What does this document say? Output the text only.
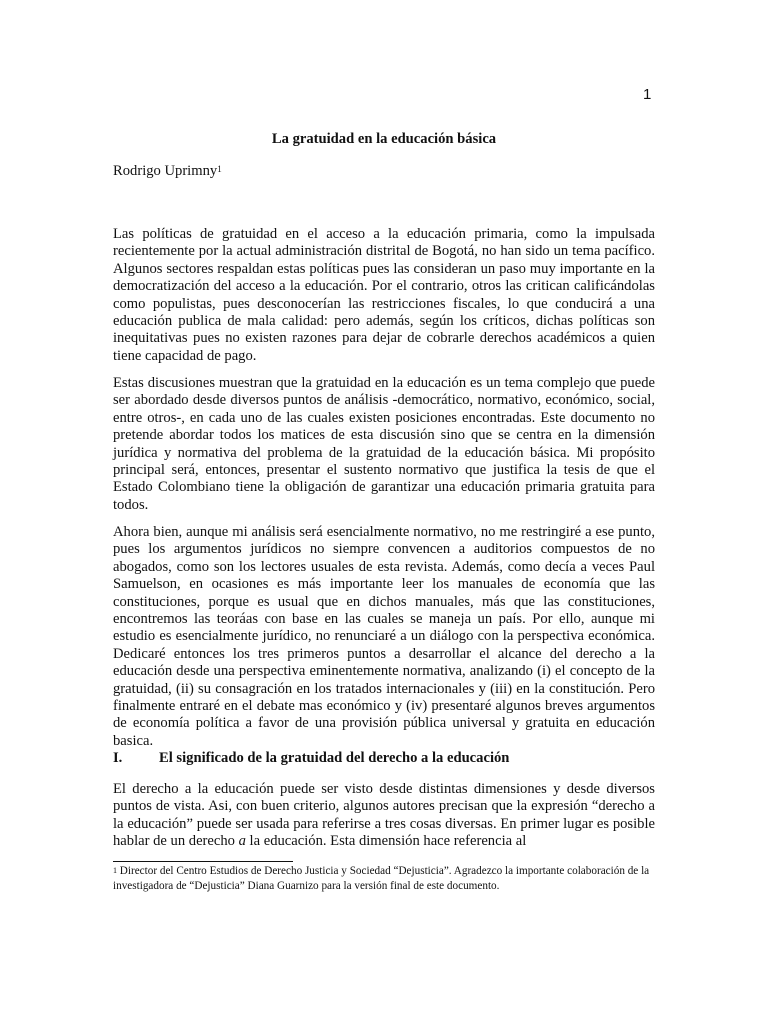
1
La gratuidad en la educación básica
Rodrigo Uprimny$^1$

Las políticas de gratuidad en el acceso a la educación primaria, como la impulsada recientemente por la actual administración distrital de Bogotá, no han sido un tema pacífico. Algunos sectores respaldan estas políticas pues las consideran un paso muy importante en la democratización del acceso a la educación. Por el contrario, otros las critican calificándolas como populistas, pues desconocerían las restricciones fiscales, lo que conducirá a una educación publica de mala calidad: pero además, según los críticos, dichas políticas son inequitativas pues no existen razones para dejar de cobrarle derechos académicos a quien tiene capacidad de pago.

Estas discusiones muestran que la gratuidad en la educación es un tema complejo que puede ser abordado desde diversos puntos de análisis -democrático, normativo, económico, social, entre otros-, en cada uno de las cuales existen posiciones encontradas. Este documento no pretende abordar todos los matices de esta discusión sino que se centra en la dimensión jurídica y normativa del problema de la gratuidad de la educación básica. Mi propósito principal será, entonces, presentar el sustento normativo que justifica la tesis de que el Estado Colombiano tiene la obligación de garantizar una educación primaria gratuita para todos.

Ahora bien, aunque mi análisis será esencialmente normativo, no me restringiré a ese punto, pues los argumentos jurídicos no siempre convencen a auditorios compuestos de no abogados, como son los lectores usuales de esta revista. Además, como decía a veces Paul Samuelson, en ocasiones es más importante leer los manuales de economía que las constituciones, porque es usual que en dichos manuales, más que las constituciones, encontremos las teoráas con base en las cuales se maneja un país. Por ello, aunque mi estudio es esencialmente jurídico, no renunciaré a un diálogo con la perspectiva económica. Dedicaré entonces los tres primeros puntos a desarrollar el alcance del derecho a la educación desde una perspectiva eminentemente normativa, analizando (i) el concepto de la gratuidad, (ii) su consagración en los tratados internacionales y (iii) en la constitución. Pero finalmente entraré en el debate mas económico y (iv) presentaré algunos breves argumentos de economía política a favor de una provisión pública universal y gratuita en educación basica.

I.	El significado de la gratuidad del derecho a la educación

El derecho a la educación puede ser visto desde distintas dimensiones y desde diversos puntos de vista. Asi, con buen criterio, algunos autores precisan que la expresión “derecho a la educación” puede ser usada para referirse a tres cosas diversas. En primer lugar es posible hablar de un derecho a la educación. Esta dimensión hace referencia al

$^1$ Director del Centro Estudios de Derecho Justicia y Sociedad “Dejusticia”. Agradezco la importante colaboración de la investigadora de “Dejusticia” Diana Guarnizo para la versión final de este documento.
